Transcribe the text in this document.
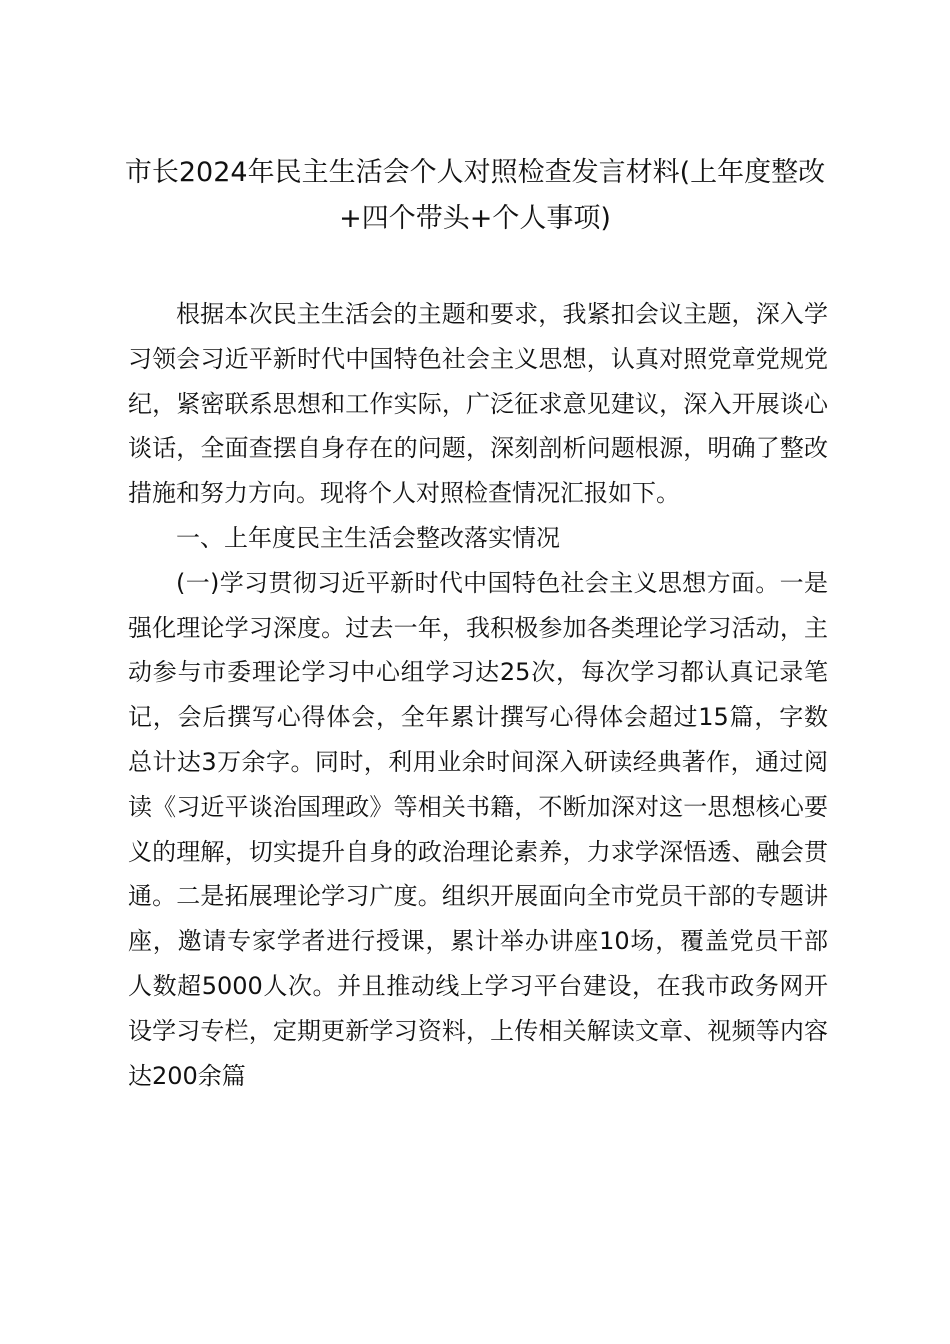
市长2024年民主生活会个人对照检查发言材料(上年度整改+四个带头+个人事项)

根据本次民主生活会的主题和要求，我紧扣会议主题，深入学习领会习近平新时代中国特色社会主义思想，认真对照党章党规党纪，紧密联系思想和工作实际，广泛征求意见建议，深入开展谈心谈话，全面查摆自身存在的问题，深刻剖析问题根源，明确了整改措施和努力方向。现将个人对照检查情况汇报如下。

一、上年度民主生活会整改落实情况

(一)学习贯彻习近平新时代中国特色社会主义思想方面。一是强化理论学习深度。过去一年，我积极参加各类理论学习活动，主动参与市委理论学习中心组学习达25次，每次学习都认真记录笔记，会后撰写心得体会，全年累计撰写心得体会超过15篇，字数总计达3万余字。同时，利用业余时间深入研读经典著作，通过阅读《习近平谈治国理政》等相关书籍，不断加深对这一思想核心要义的理解，切实提升自身的政治理论素养，力求学深悟透、融会贯通。二是拓展理论学习广度。组织开展面向全市党员干部的专题讲座，邀请专家学者进行授课，累计举办讲座10场，覆盖党员干部人数超5000人次。并且推动线上学习平台建设，在我市政务网开设学习专栏，定期更新学习资料，上传相关解读文章、视频等内容达200余篇
